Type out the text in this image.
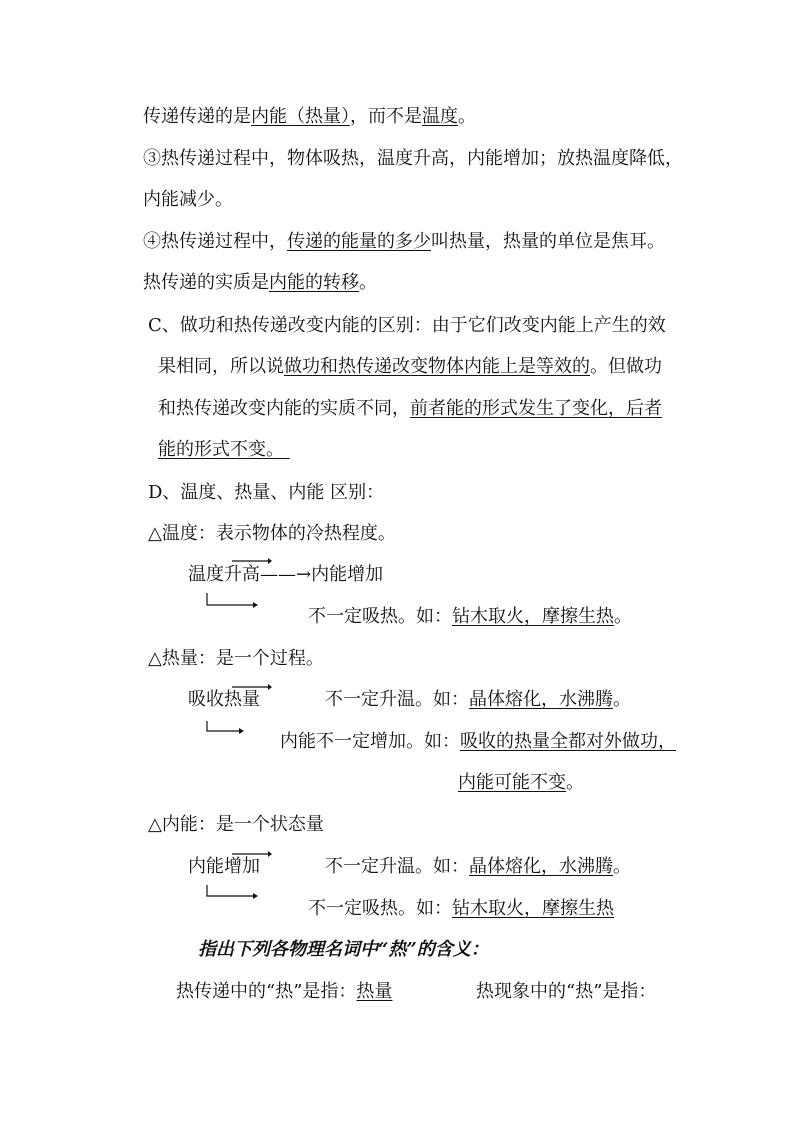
传递传递的是内能（热量），而不是温度。
③热传递过程中，物体吸热，温度升高，内能增加；放热温度降低，
内能减少。
④热传递过程中，传递的能量的多少叫热量，热量的单位是焦耳。
热传递的实质是内能的转移。
C、做功和热传递改变内能的区别：由于它们改变内能上产生的效
果相同，所以说做功和热传递改变物体内能上是等效的。但做功
和热传递改变内能的实质不同，前者能的形式发生了变化，后者
能的形式不变。
D、温度、热量、内能 区别：
△温度：表示物体的冷热程度。
温度升高——→内能增加
不一定吸热。如：钻木取火，摩擦生热。
△热量：是一个过程。
吸收热量	不一定升温。如：晶体熔化，水沸腾。
内能不一定增加。如：吸收的热量全都对外做功，
内能可能不变。
△内能：是一个状态量
内能增加	不一定升温。如：晶体熔化，水沸腾。
不一定吸热。如：钻木取火，摩擦生热
指出下列各物理名词中“热”的含义：
热传递中的“热”是指：热量	热现象中的“热”是指：
